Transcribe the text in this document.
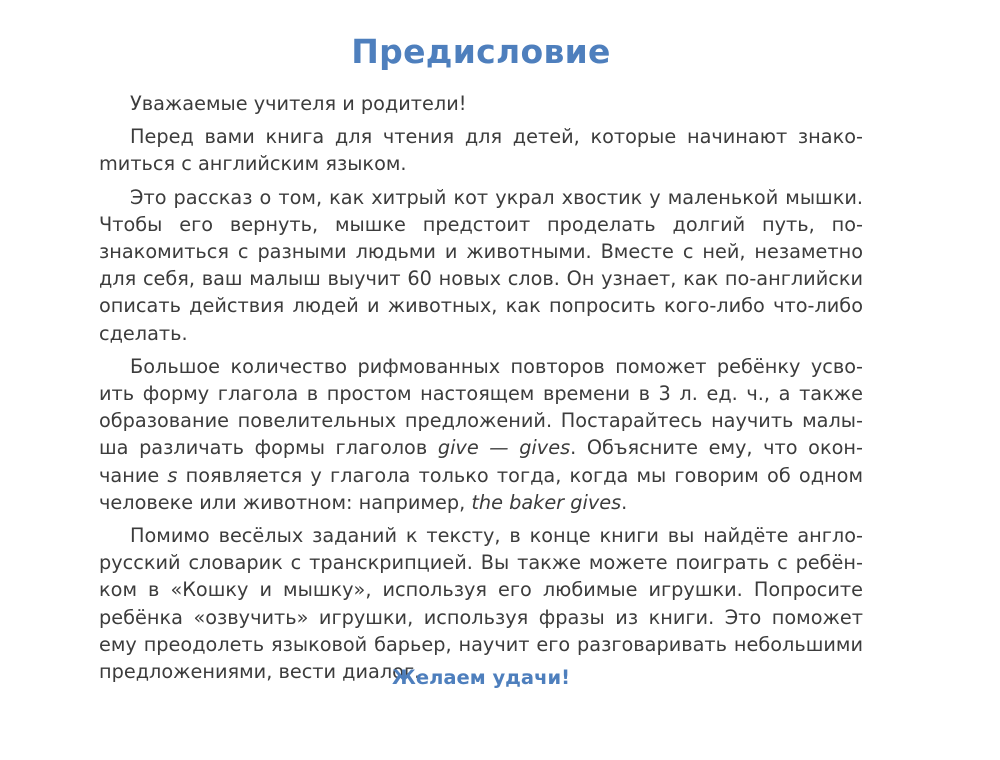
Предисловие

Уважаемые учителя и родители!

Перед вами книга для чтения для детей, которые начинают знакоmиться с английским языком.

Это рассказ о том, как хитрый кот украл хвостик у маленькой мышки. Чтобы его вернуть, мышке предстоит проделать долгий путь, познакомиться с разными людьми и животными. Вместе с ней, незаметно для себя, ваш малыш выучит 60 новых слов. Он узнает, как по-английски описать действия людей и животных, как попросить кого-либо что-либо сделать.

Большое количество рифмованных повторов поможет ребёнку усвоить форму глагола в простом настоящем времени в 3 л. ед. ч., а также образование повелительных предложений. Постарайтесь научить малыша различать формы глаголов give — gives. Объясните ему, что окончание s появляется у глагола только тогда, когда мы говорим об одном человеке или животном: например, the baker gives.

Помимо весёлых заданий к тексту, в конце книги вы найдёте англо-русский словарик с транскрипцией. Вы также можете поиграть с ребёнком в «Кошку и мышку», используя его любимые игрушки. Попросите ребёнка «озвучить» игрушки, используя фразы из книги. Это поможет ему преодолеть языковой барьер, научит его разговаривать небольшими предложениями, вести диалог.

Желаем удачи!
